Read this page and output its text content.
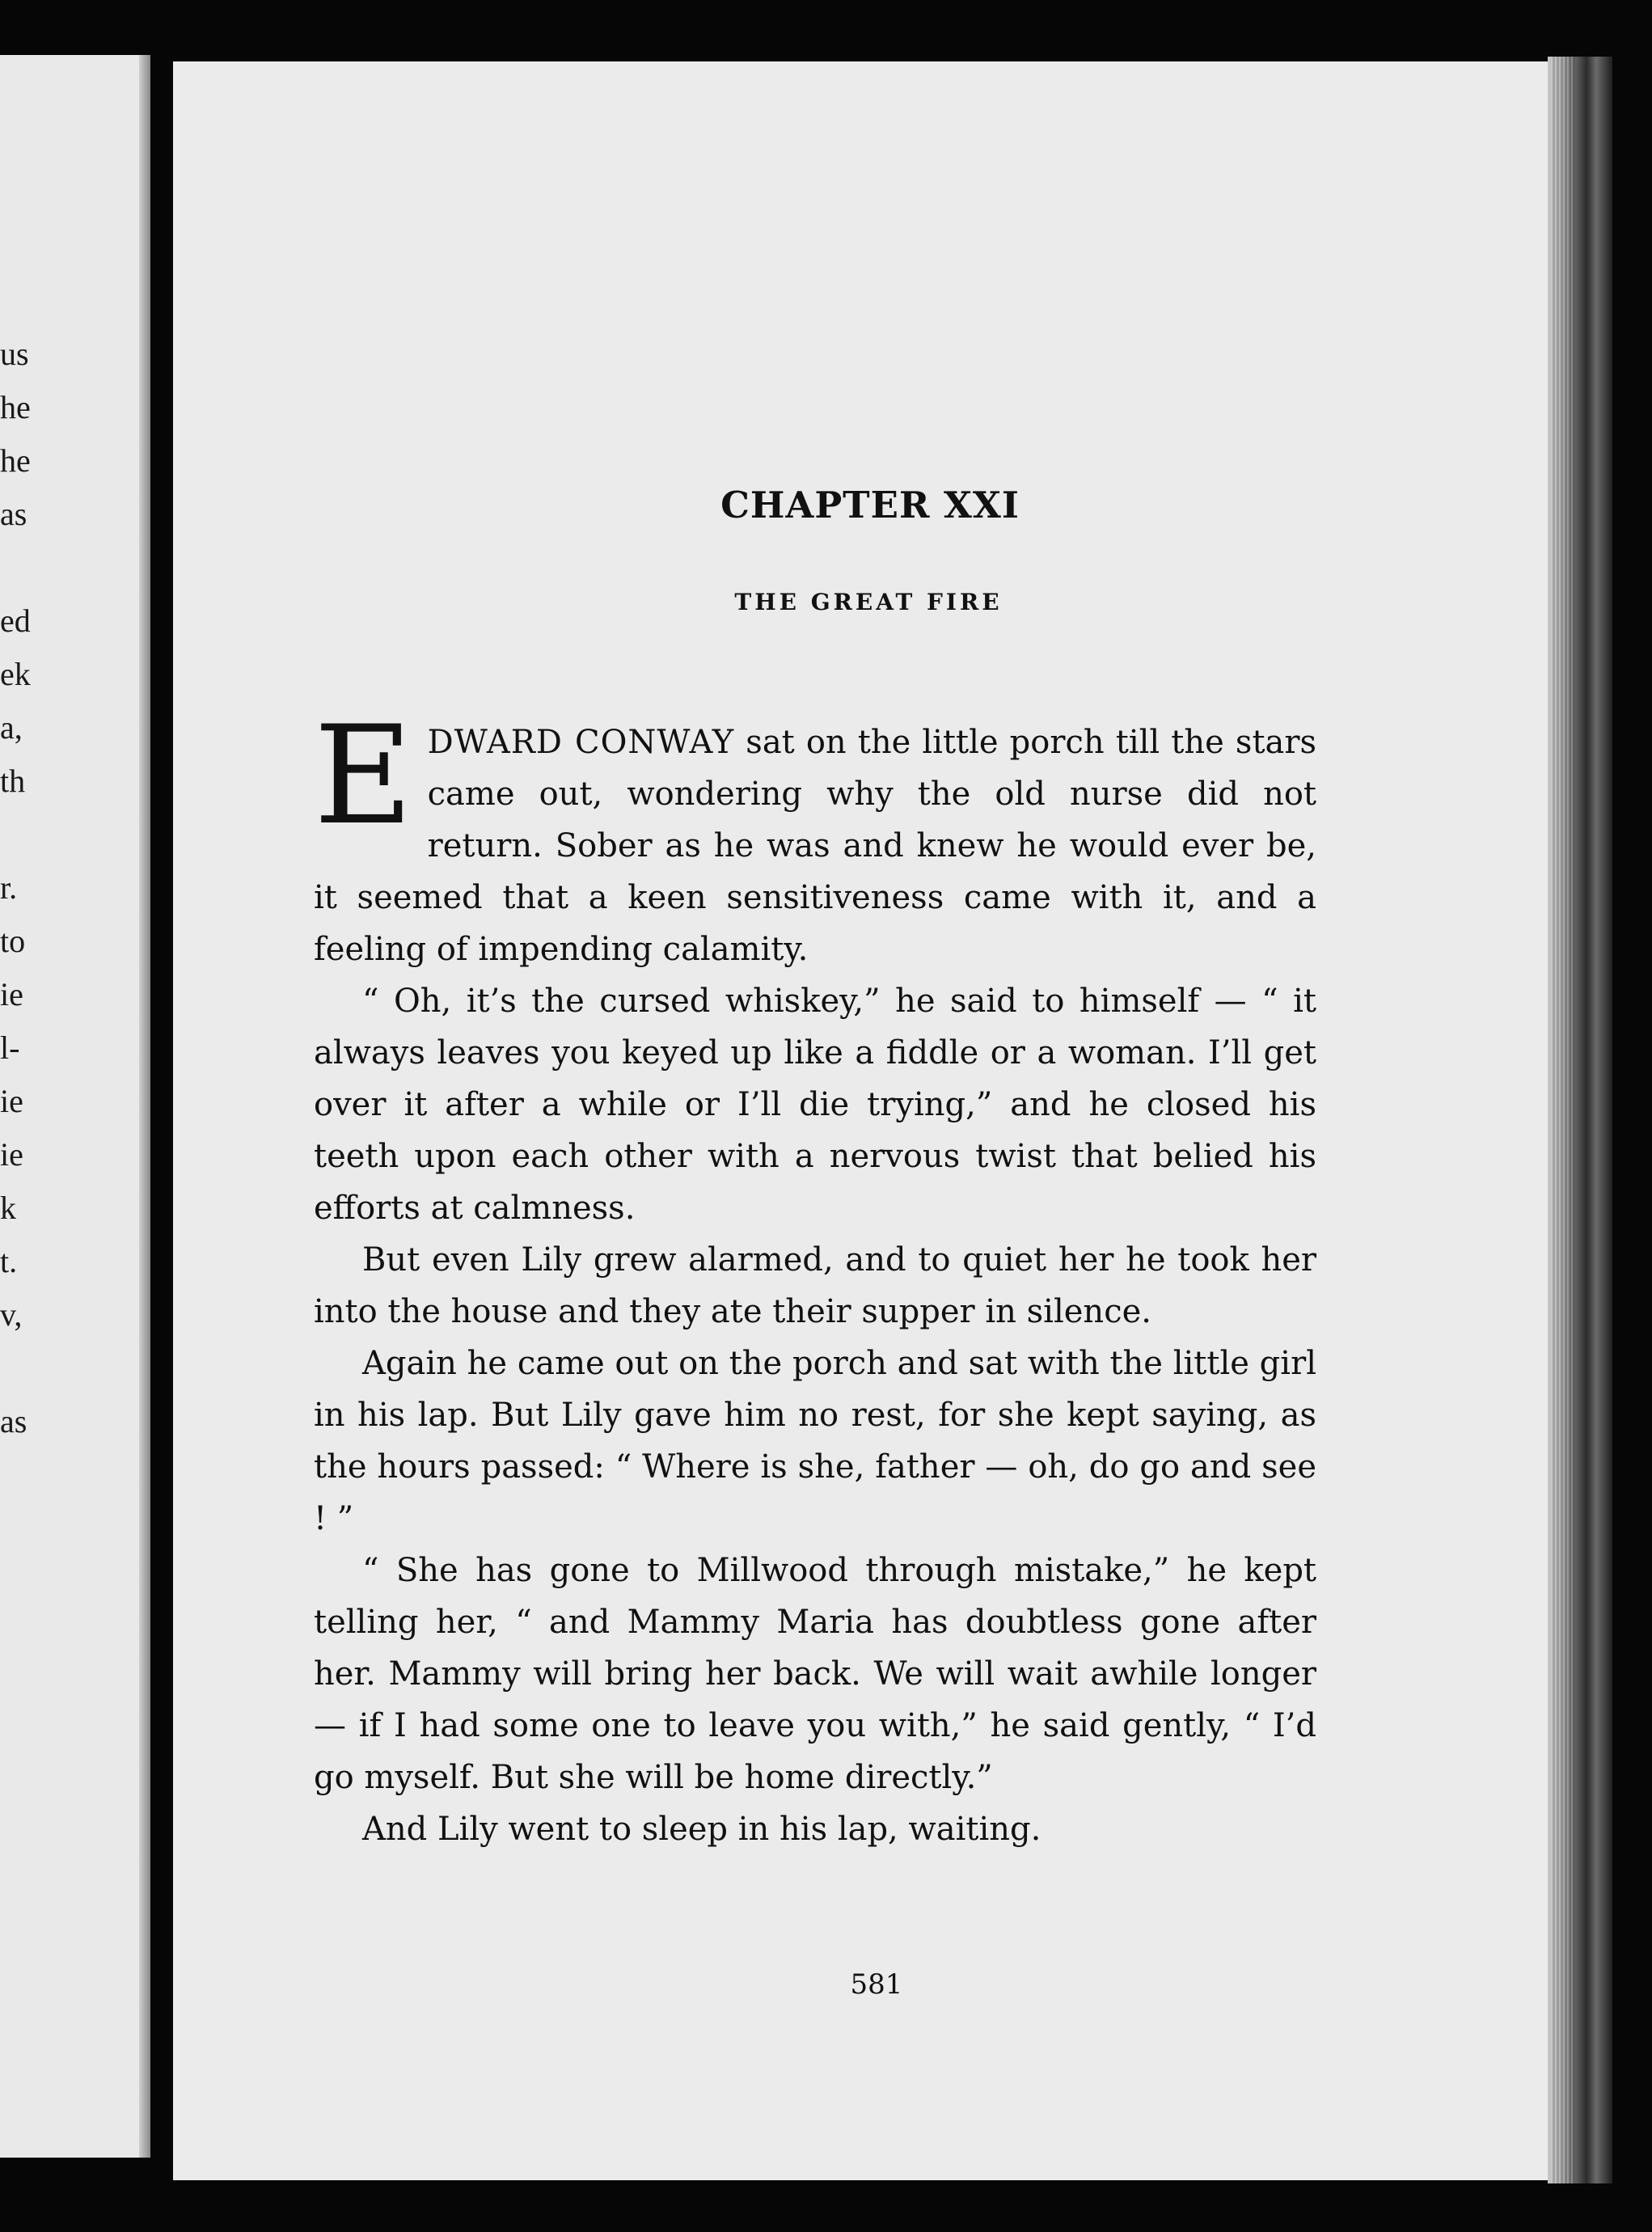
us
he
he
as
ed
ek
a,
th
r.
to
ie
l-
ie
ie
k
t.
v,
as
CHAPTER XXI
THE GREAT FIRE

EDWARD CONWAY sat on the little porch till the stars came out, wondering why the old nurse did not return. Sober as he was and knew he would ever be, it seemed that a keen sensitiveness came with it, and a feeling of impending calamity.

“ Oh, it’s the cursed whiskey,” he said to himself — “ it always leaves you keyed up like a fiddle or a woman. I’ll get over it after a while or I’ll die trying,” and he closed his teeth upon each other with a nervous twist that belied his efforts at calmness.

But even Lily grew alarmed, and to quiet her he took her into the house and they ate their supper in silence.

Again he came out on the porch and sat with the little girl in his lap. But Lily gave him no rest, for she kept saying, as the hours passed: “ Where is she, father — oh, do go and see ! ”

“ She has gone to Millwood through mistake,” he kept telling her, “ and Mammy Maria has doubtless gone after her. Mammy will bring her back. We will wait awhile longer — if I had some one to leave you with,” he said gently, “ I’d go myself. But she will be home directly.”

And Lily went to sleep in his lap, waiting.

581
